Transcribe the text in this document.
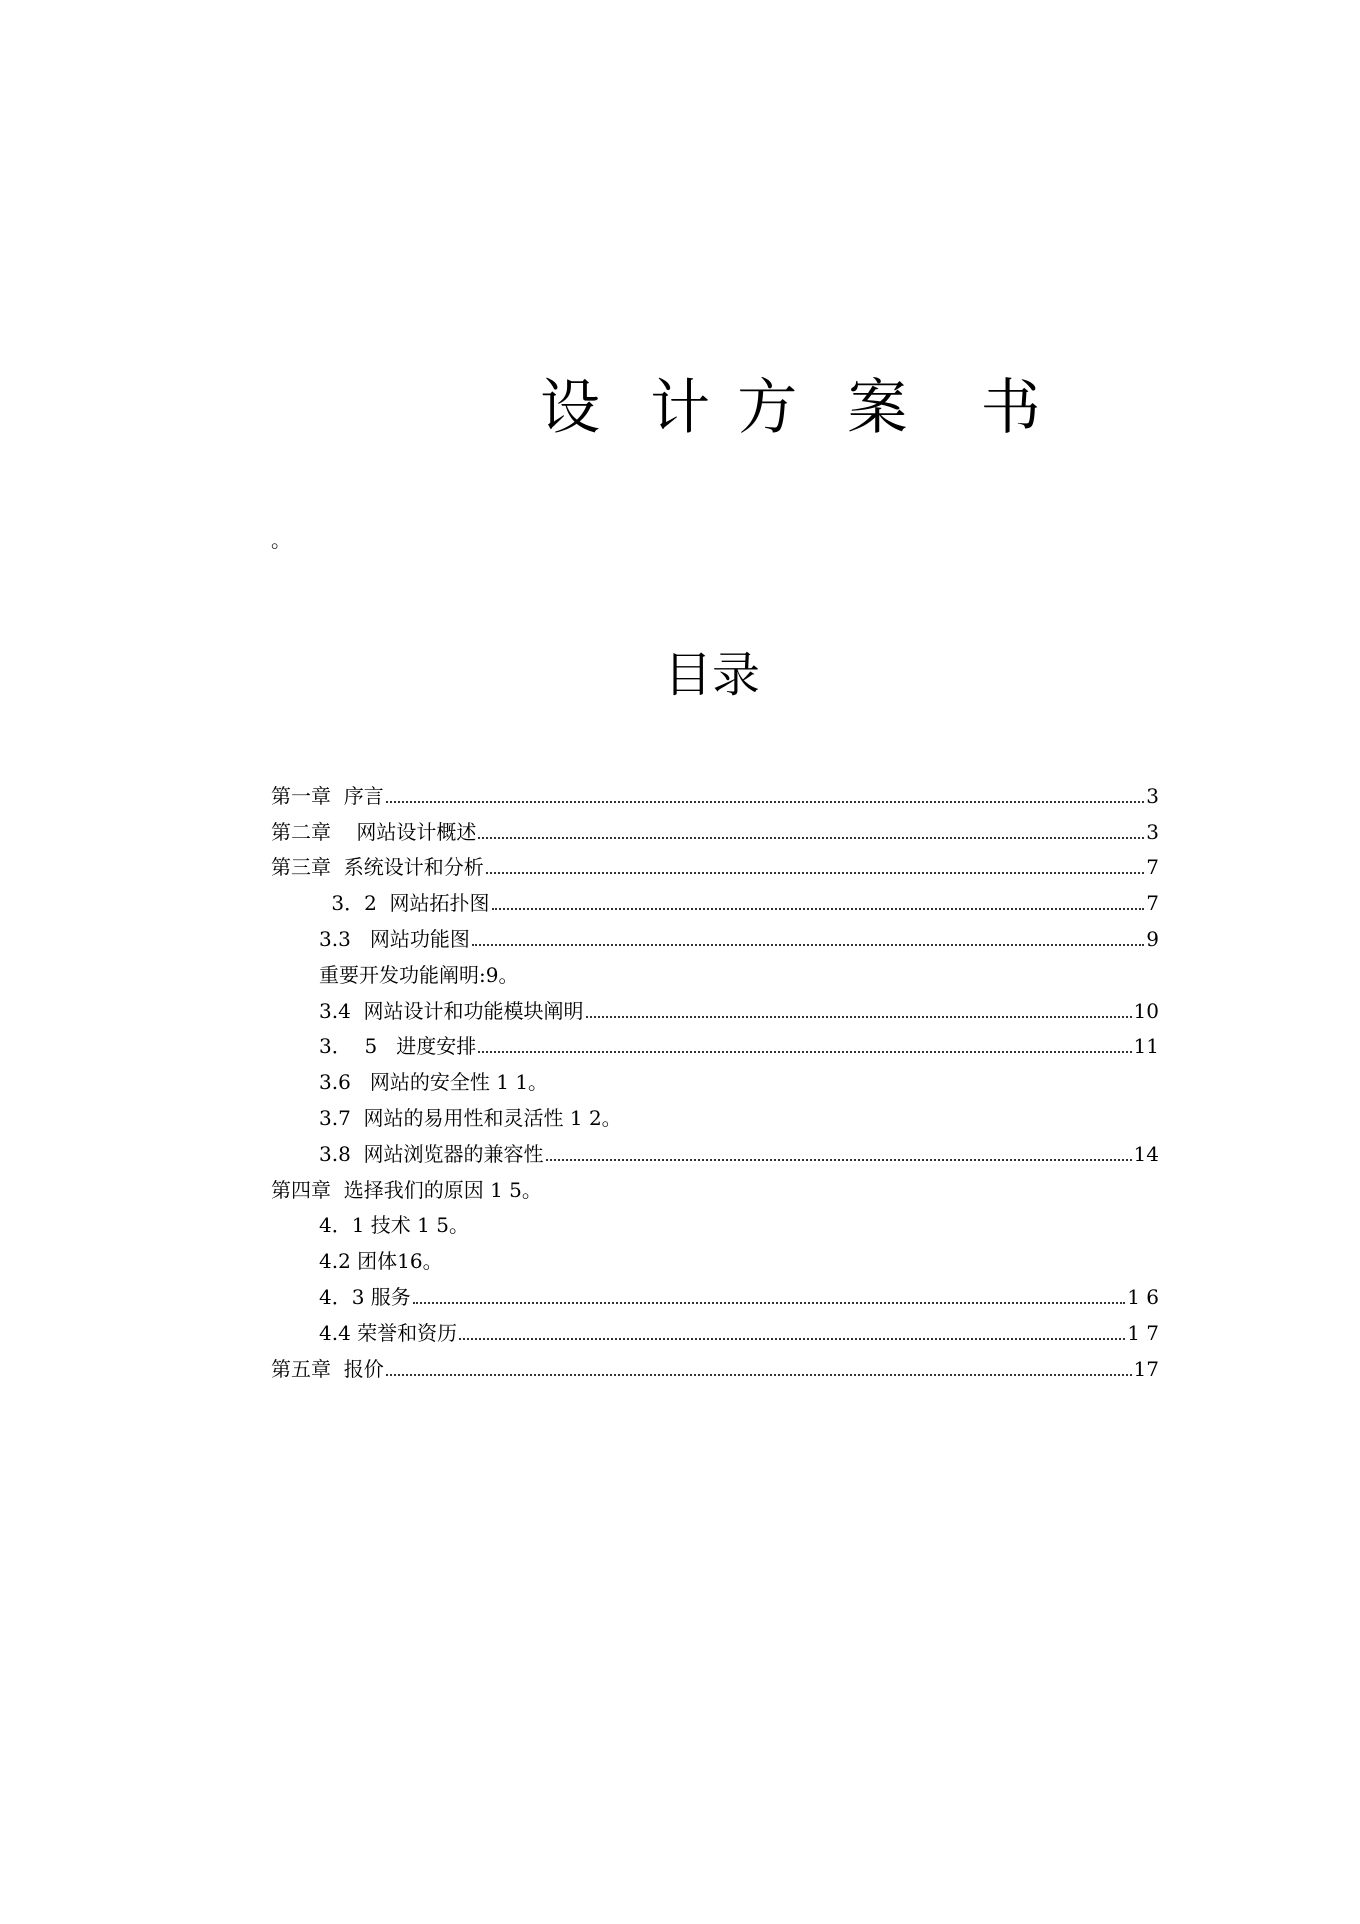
设  计 方  案   书
。
目录
第一章  序言	3
第二章    网站设计概述	3
第三章  系统设计和分析	7
3．2  网站拓扑图	7
3.3   网站功能图	9
重要开发功能阐明:9。
3.4  网站设计和功能模块阐明	10
3．  5   进度安排	11
3.6   网站的安全性 1 1。
3.7  网站的易用性和灵活性 1 2。
3.8  网站浏览器的兼容性	14
第四章  选择我们的原因 1 5。
4．1 技术 1 5。
4.2 团体16。
4．3 服务	1 6
4.4 荣誉和资历	1 7
第五章  报价	17
